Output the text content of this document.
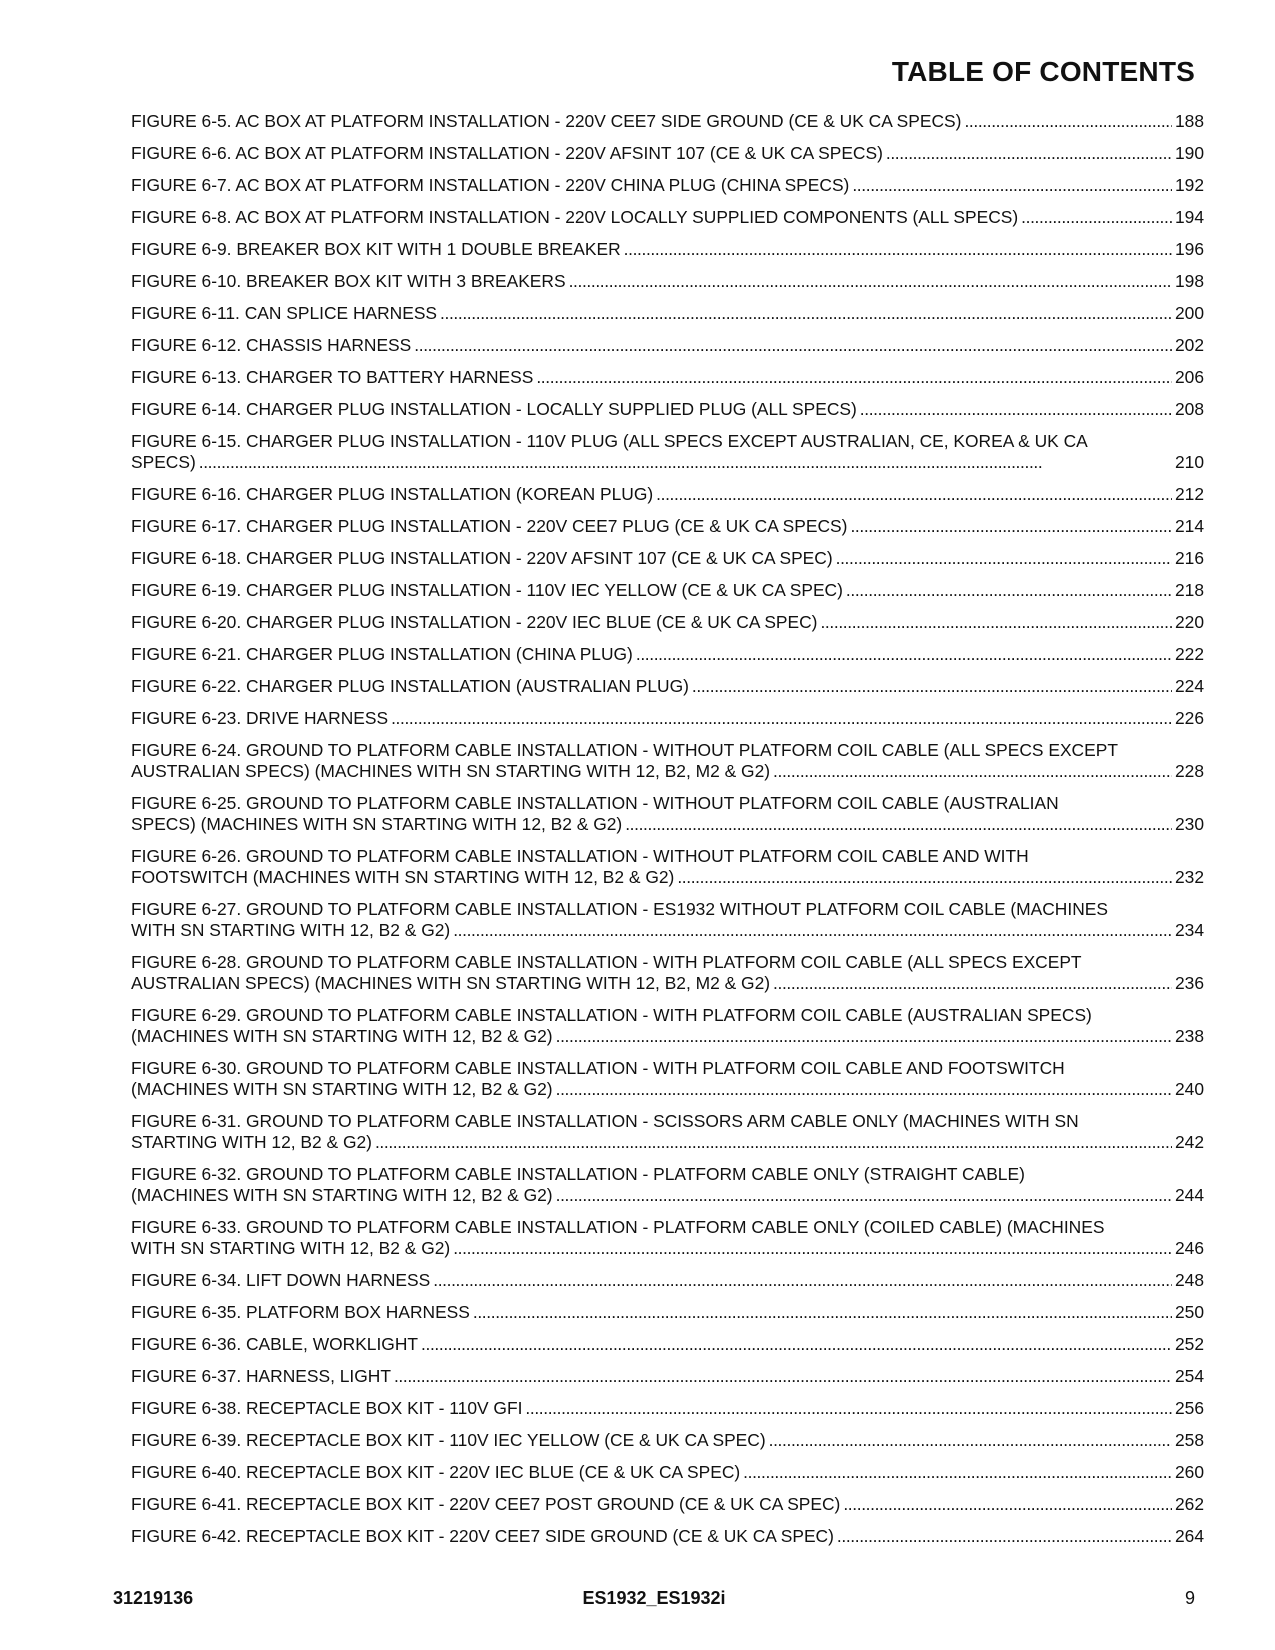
TABLE OF CONTENTS
FIGURE 6-5. AC BOX AT PLATFORM INSTALLATION - 220V CEE7 SIDE GROUND (CE & UK CA SPECS) . . .	188
FIGURE 6-6. AC BOX AT PLATFORM INSTALLATION - 220V AFSINT 107 (CE & UK CA SPECS) . . .	190
FIGURE 6-7. AC BOX AT PLATFORM INSTALLATION - 220V CHINA PLUG (CHINA SPECS) . . .	192
FIGURE 6-8. AC BOX AT PLATFORM INSTALLATION - 220V LOCALLY SUPPLIED COMPONENTS (ALL SPECS) . . .	194
FIGURE 6-9. BREAKER BOX KIT WITH 1 DOUBLE BREAKER . . .	196
FIGURE 6-10. BREAKER BOX KIT WITH 3 BREAKERS . . .	198
FIGURE 6-11. CAN SPLICE HARNESS . . .	200
FIGURE 6-12. CHASSIS HARNESS . . .	202
FIGURE 6-13. CHARGER TO BATTERY HARNESS . . .	206
FIGURE 6-14. CHARGER PLUG INSTALLATION - LOCALLY SUPPLIED PLUG (ALL SPECS) . . .	208
FIGURE 6-15. CHARGER PLUG INSTALLATION - 110V PLUG (ALL SPECS EXCEPT AUSTRALIAN, CE, KOREA & UK CA
SPECS) . . .	210
FIGURE 6-16. CHARGER PLUG INSTALLATION (KOREAN PLUG) . . .	212
FIGURE 6-17. CHARGER PLUG INSTALLATION - 220V CEE7 PLUG (CE & UK CA SPECS) . . .	214
FIGURE 6-18. CHARGER PLUG INSTALLATION - 220V AFSINT 107 (CE & UK CA SPEC) . . .	216
FIGURE 6-19. CHARGER PLUG INSTALLATION - 110V IEC YELLOW (CE & UK CA SPEC) . . .	218
FIGURE 6-20. CHARGER PLUG INSTALLATION - 220V IEC BLUE (CE & UK CA SPEC) . . .	220
FIGURE 6-21. CHARGER PLUG INSTALLATION (CHINA PLUG) . . .	222
FIGURE 6-22. CHARGER PLUG INSTALLATION (AUSTRALIAN PLUG) . . .	224
FIGURE 6-23. DRIVE HARNESS . . .	226
FIGURE 6-24. GROUND TO PLATFORM CABLE INSTALLATION - WITHOUT PLATFORM COIL CABLE (ALL SPECS EXCEPT
AUSTRALIAN SPECS) (MACHINES WITH SN STARTING WITH 12, B2, M2 & G2) . . .	228
FIGURE 6-25. GROUND TO PLATFORM CABLE INSTALLATION - WITHOUT PLATFORM COIL CABLE (AUSTRALIAN
SPECS) (MACHINES WITH SN STARTING WITH 12, B2 & G2) . . .	230
FIGURE 6-26. GROUND TO PLATFORM CABLE INSTALLATION - WITHOUT PLATFORM COIL CABLE AND WITH
FOOTSWITCH (MACHINES WITH SN STARTING WITH 12, B2 & G2) . . .	232
FIGURE 6-27. GROUND TO PLATFORM CABLE INSTALLATION - ES1932 WITHOUT PLATFORM COIL CABLE (MACHINES
WITH SN STARTING WITH 12, B2 & G2) . . .	234
FIGURE 6-28. GROUND TO PLATFORM CABLE INSTALLATION - WITH PLATFORM COIL CABLE (ALL SPECS EXCEPT
AUSTRALIAN SPECS) (MACHINES WITH SN STARTING WITH 12, B2, M2 & G2) . . .	236
FIGURE 6-29. GROUND TO PLATFORM CABLE INSTALLATION - WITH PLATFORM COIL CABLE (AUSTRALIAN SPECS)
(MACHINES WITH SN STARTING WITH 12, B2 & G2) . . .	238
FIGURE 6-30. GROUND TO PLATFORM CABLE INSTALLATION - WITH PLATFORM COIL CABLE AND FOOTSWITCH
(MACHINES WITH SN STARTING WITH 12, B2 & G2) . . .	240
FIGURE 6-31. GROUND TO PLATFORM CABLE INSTALLATION - SCISSORS ARM CABLE ONLY (MACHINES WITH SN
STARTING WITH 12, B2 & G2) . . .	242
FIGURE 6-32. GROUND TO PLATFORM CABLE INSTALLATION - PLATFORM CABLE ONLY (STRAIGHT CABLE)
(MACHINES WITH SN STARTING WITH 12, B2 & G2) . . .	244
FIGURE 6-33. GROUND TO PLATFORM CABLE INSTALLATION - PLATFORM CABLE ONLY (COILED CABLE) (MACHINES
WITH SN STARTING WITH 12, B2 & G2) . . .	246
FIGURE 6-34. LIFT DOWN HARNESS . . .	248
FIGURE 6-35. PLATFORM BOX HARNESS . . .	250
FIGURE 6-36. CABLE, WORKLIGHT . . .	252
FIGURE 6-37. HARNESS, LIGHT . . .	254
FIGURE 6-38. RECEPTACLE BOX KIT - 110V GFI . . .	256
FIGURE 6-39. RECEPTACLE BOX KIT - 110V IEC YELLOW (CE & UK CA SPEC) . . .	258
FIGURE 6-40. RECEPTACLE BOX KIT - 220V IEC BLUE (CE & UK CA SPEC) . . .	260
FIGURE 6-41. RECEPTACLE BOX KIT - 220V CEE7 POST GROUND (CE & UK CA SPEC) . . .	262
FIGURE 6-42. RECEPTACLE BOX KIT - 220V CEE7 SIDE GROUND (CE & UK CA SPEC) . . .	264
31219136	ES1932_ES1932i	9
